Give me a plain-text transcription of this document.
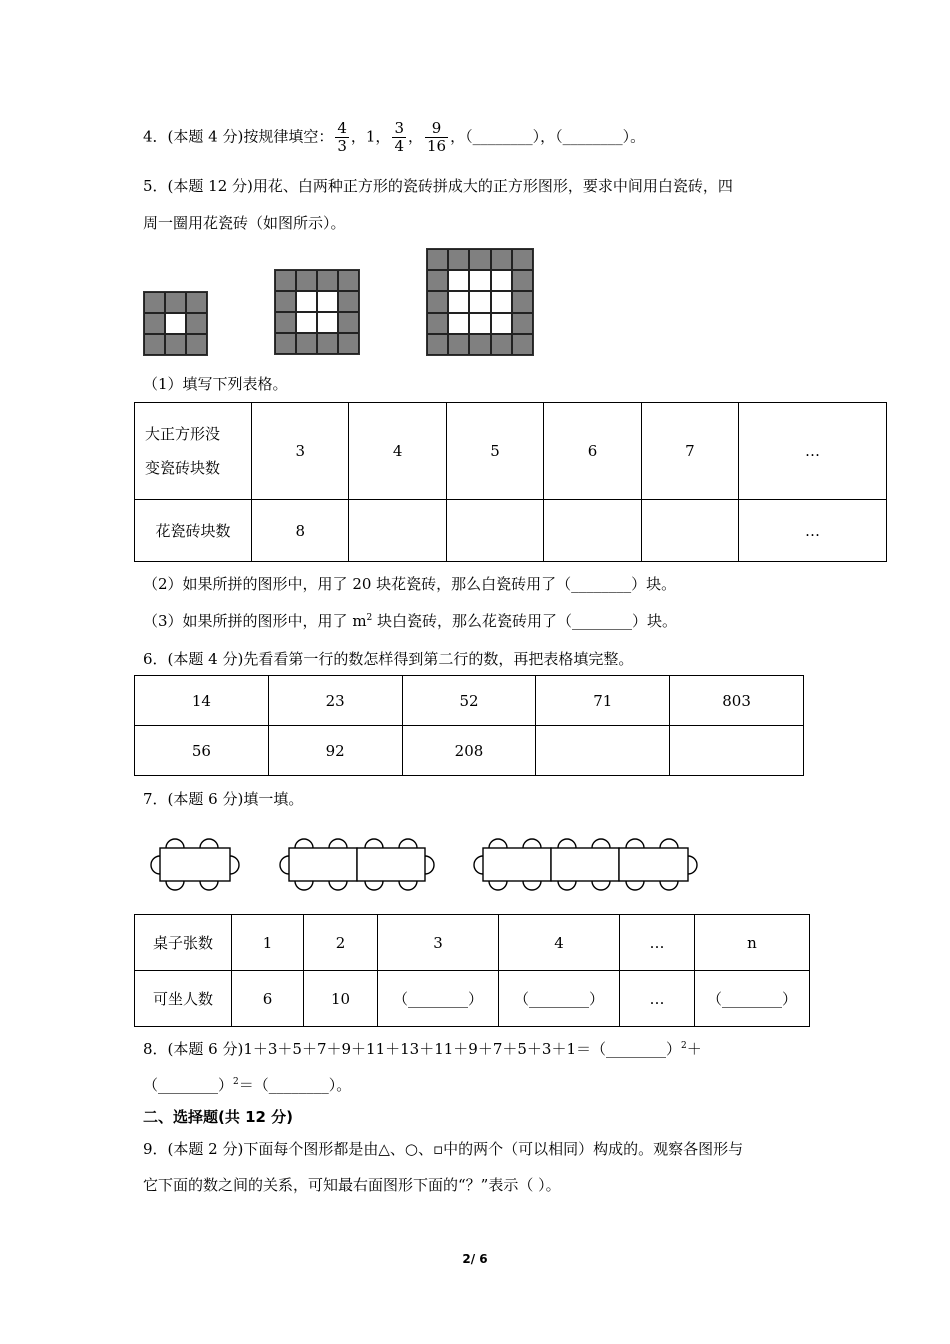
4．(本题 4 分)按规律填空： $\frac{4}{3}$ ，1， $\frac{3}{4}$ ， $\frac{9}{16}$ ，（________），（________）。
5．(本题 12 分)用花、白两种正方形的瓷砖拼成大的正方形图形，要求中间用白瓷砖，四
周一圈用花瓷砖（如图所示）。
（1）填写下列表格。
大正方形没
变瓷砖块数	3	4	5	6	7	…
花瓷砖块数	8					…
（2）如果所拼的图形中，用了 20 块花瓷砖，那么白瓷砖用了（________）块。
（3）如果所拼的图形中，用了 $m^2$ 块白瓷砖，那么花瓷砖用了（________）块。
6．(本题 4 分)先看看第一行的数怎样得到第二行的数，再把表格填完整。
14	23	52	71	803
56	92	208		
7．(本题 6 分)填一填。
桌子张数	1	2	3	4	…	n
可坐人数	6	10	（________）	（________）	…	（________）
8．(本题 6 分)1＋3＋5＋7＋9＋11＋13＋11＋9＋7＋5＋3＋1＝（________）$^2$＋
（________）$^2$＝（________）。
二、选择题(共 12 分)
9．(本题 2 分)下面每个图形都是由△、○、▫中的两个（可以相同）构成的。观察各图形与
它下面的数之间的关系，可知最右面图形下面的“？”表示（ ）。
2/ 6
